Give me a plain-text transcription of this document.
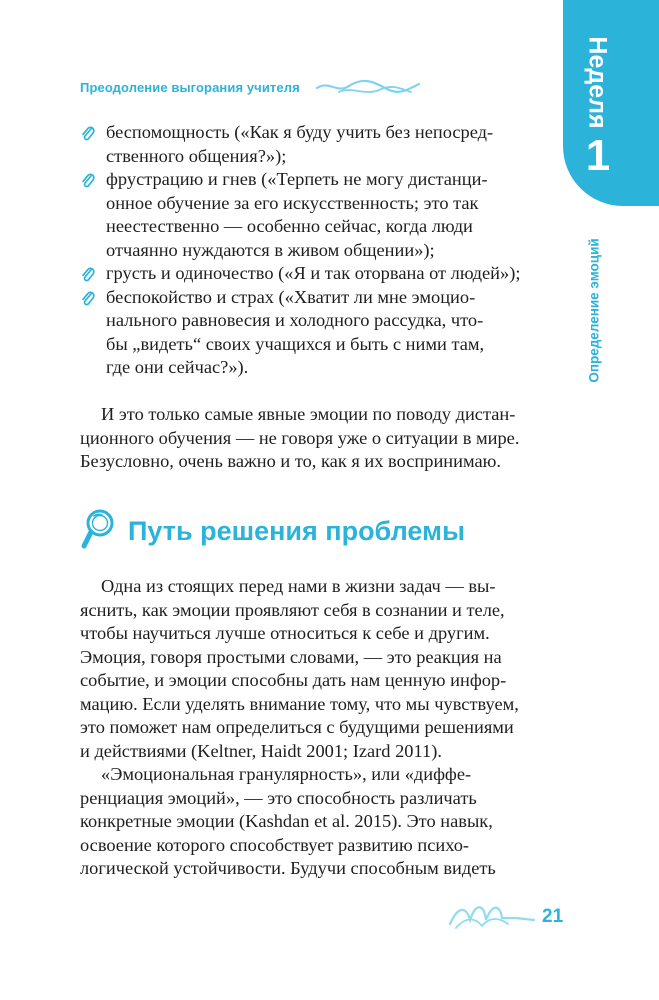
Преодоление выгорания учителя	Неделя
1
Определение эмоций
беспомощность («Как я буду учить без непосред-
ственного общения?»);
фрустрацию и гнев («Терпеть не могу дистанци-
онное обучение за его искусственность; это так
неестественно — особенно сейчас, когда люди
отчаянно нуждаются в живом общении»);
грусть и одиночество («Я и так оторвана от людей»);
беспокойство и страх («Хватит ли мне эмоцио-
нального равновесия и холодного рассудка, что-
бы „видеть“ своих учащихся и быть с ними там,
где они сейчас?»).
И это только самые явные эмоции по поводу дистан-
ционного обучения — не говоря уже о ситуации в мире.
Безусловно, очень важно и то, как я их воспринимаю.
Путь решения проблемы
Одна из стоящих перед нами в жизни задач — вы-
яснить, как эмоции проявляют себя в сознании и теле,
чтобы научиться лучше относиться к себе и другим.
Эмоция, говоря простыми словами, — это реакция на
событие, и эмоции способны дать нам ценную инфор-
мацию. Если уделять внимание тому, что мы чувствуем,
это поможет нам определиться с будущими решениями
и действиями (Keltner, Haidt 2001; Izard 2011).
«Эмоциональная гранулярность», или «диффе-
ренциация эмоций», — это способность различать
конкретные эмоции (Kashdan et al. 2015). Это навык,
освоение которого способствует развитию психо-
логической устойчивости. Будучи способным видеть
21
